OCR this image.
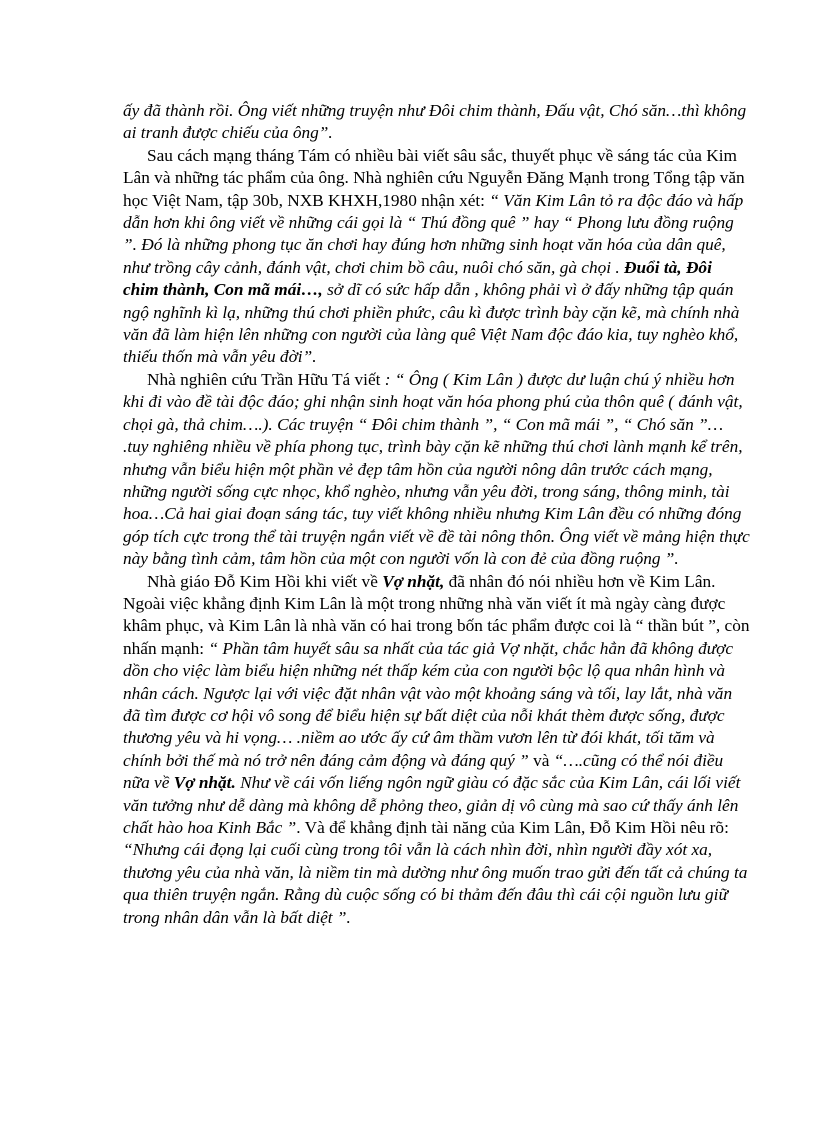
ấy đã thành rồi. Ông viết những truyện như Đôi chim thành, Đấu vật, Chó săn…thì không ai tranh được chiếu của ông”.

Sau cách mạng tháng Tám có nhiều bài viết sâu sắc, thuyết phục về sáng tác của Kim Lân và những tác phẩm của ông. Nhà nghiên cứu Nguyễn Đăng Mạnh trong Tổng tập văn học Việt Nam, tập 30b, NXB KHXH,1980 nhận xét: “ Văn Kim Lân tỏ ra độc đáo và hấp dẫn hơn khi ông viết về những cái gọi là “ Thú đồng quê ” hay “ Phong lưu đồng ruộng ”. Đó là những phong tục ăn chơi hay đúng hơn những sinh hoạt văn hóa của dân quê, như trồng cây cảnh, đánh vật, chơi chim bồ câu, nuôi chó săn, gà chọi . Đuổi tà, Đôi chim thành, Con mã mái…, sở dĩ có sức hấp dẫn , không phải vì ở đấy những tập quán ngộ nghĩnh kì lạ, những thú chơi phiền phức, câu kì được trình bày cặn kẽ, mà chính nhà văn đã làm hiện lên những con người của làng quê Việt Nam độc đáo kia, tuy nghèo khổ, thiếu thốn mà vẫn yêu đời”.

Nhà nghiên cứu Trần Hữu Tá viết : “ Ông ( Kim Lân ) được dư luận chú ý nhiều hơn khi đi vào đề tài độc đáo; ghi nhận sinh hoạt văn hóa phong phú của thôn quê ( đánh vật, chọi gà, thả chim….). Các truyện “ Đôi chim thành ”, “ Con mã mái ”, “ Chó săn ”… .tuy nghiêng nhiều về phía phong tục, trình bày cặn kẽ những thú chơi lành mạnh kể trên, nhưng vẫn biểu hiện một phần vẻ đẹp tâm hồn của người nông dân trước cách mạng, những người sống cực nhọc, khổ nghèo, nhưng vẫn yêu đời, trong sáng, thông minh, tài hoa…Cả hai giai đoạn sáng tác, tuy viết không nhiều nhưng Kim Lân đều có những đóng góp tích cực trong thể tài truyện ngắn viết về đề tài nông thôn. Ông viết về mảng hiện thực này bằng tình cảm, tâm hồn của một con người vốn là con đẻ của đồng ruộng ”.

Nhà giáo Đỗ Kim Hồi khi viết về Vợ nhặt, đã nhân đó nói nhiều hơn về Kim Lân. Ngoài việc khẳng định Kim Lân là một trong những nhà văn viết ít mà ngày càng được khâm phục, và Kim Lân là nhà văn có hai trong bốn tác phẩm được coi là “ thần bút ”, còn nhấn mạnh: “ Phần tâm huyết sâu sa nhất của tác giả Vợ nhặt, chắc hẳn đã không được dồn cho việc làm biểu hiện những nét thấp kém của con người bộc lộ qua nhân hình và nhân cách. Ngược lại với việc đặt nhân vật vào một khoảng sáng và tối, lay lắt, nhà văn đã tìm được cơ hội vô song để biểu hiện sự bất diệt của nỗi khát thèm được sống, được thương yêu và hi vọng… .niềm ao ước ấy cứ âm thầm vươn lên từ đói khát, tối tăm và chính bởi thế mà nó trở nên đáng cảm động và đáng quý ” và “….cũng có thể nói điều nữa về Vợ nhặt. Như về cái vốn liếng ngôn ngữ giàu có đặc sắc của Kim Lân, cái lối viết văn tưởng như dễ dàng mà không dễ phỏng theo, giản dị vô cùng mà sao cứ thấy ánh lên chất hào hoa Kinh Bắc ”. Và để khẳng định tài năng của Kim Lân, Đỗ Kim Hồi nêu rõ: “Nhưng cái đọng lại cuối cùng trong tôi vẫn là cách nhìn đời, nhìn người đầy xót xa, thương yêu của nhà văn, là niềm tin mà dường như ông muốn trao gửi đến tất cả chúng ta qua thiên truyện ngắn. Rằng dù cuộc sống có bi thảm đến đâu thì cái cội nguồn lưu giữ trong nhân dân vẫn là bất diệt ”.
